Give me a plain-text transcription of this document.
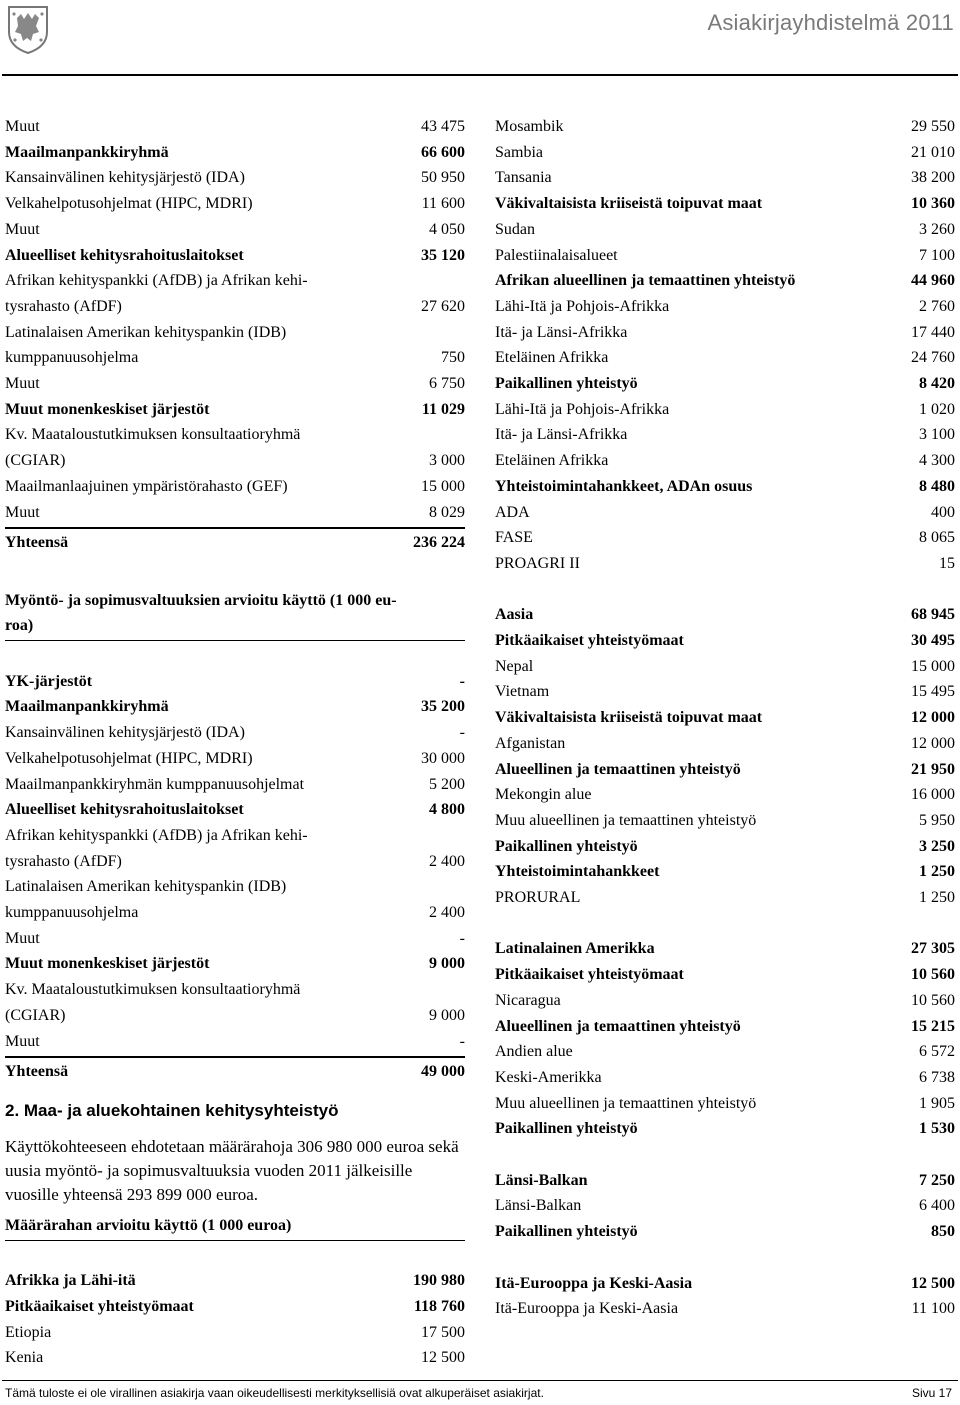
Asiakirjayhdistelmä 2011
Muut	43 475
Maailmanpankkiryhmä	66 600
Kansainvälinen kehitysjärjestö (IDA)	50 950
Velkahelpotusohjelmat (HIPC, MDRI)	11 600
Muut	4 050
Alueelliset kehitysrahoituslaitokset	35 120
Afrikan kehityspankki (AfDB) ja Afrikan kehi-
tysrahasto (AfDF)	27 620
Latinalaisen Amerikan kehityspankin (IDB)
kumppanuusohjelma	750
Muut	6 750
Muut monenkeskiset järjestöt	11 029
Kv. Maataloustutkimuksen konsultaatioryhmä
(CGIAR)	3 000
Maailmanlaajuinen ympäristörahasto (GEF)	15 000
Muut	8 029
Yhteensä	236 224
Myöntö- ja sopimusvaltuuksien arvioitu käyttö (1 000 eu-
roa)
YK-järjestöt	-
Maailmanpankkiryhmä	35 200
Kansainvälinen kehitysjärjestö (IDA)	-
Velkahelpotusohjelmat (HIPC, MDRI)	30 000
Maailmanpankkiryhmän kumppanuusohjelmat	5 200
Alueelliset kehitysrahoituslaitokset	4 800
Afrikan kehityspankki (AfDB) ja Afrikan kehi-
tysrahasto (AfDF)	2 400
Latinalaisen Amerikan kehityspankin (IDB)
kumppanuusohjelma	2 400
Muut	-
Muut monenkeskiset järjestöt	9 000
Kv. Maataloustutkimuksen konsultaatioryhmä
(CGIAR)	9 000
Muut	-
Yhteensä	49 000
2. Maa- ja aluekohtainen kehitysyhteistyö
Käyttökohteeseen ehdotetaan määrärahoja 306 980 000 euroa sekä uusia myöntö- ja sopimusvaltuuksia vuoden 2011 jälkeisille vuosille yhteensä 293 899 000 euroa.
Määrärahan arvioitu käyttö (1 000 euroa)
Afrikka ja Lähi-itä	190 980
Pitkäaikaiset yhteistyömaat	118 760
Etiopia	17 500
Kenia	12 500
Mosambik	29 550
Sambia	21 010
Tansania	38 200
Väkivaltaisista kriiseistä toipuvat maat	10 360
Sudan	3 260
Palestiinalaisalueet	7 100
Afrikan alueellinen ja temaattinen yhteistyö	44 960
Lähi-Itä ja Pohjois-Afrikka	2 760
Itä- ja Länsi-Afrikka	17 440
Eteläinen Afrikka	24 760
Paikallinen yhteistyö	8 420
Lähi-Itä ja Pohjois-Afrikka	1 020
Itä- ja Länsi-Afrikka	3 100
Eteläinen Afrikka	4 300
Yhteistoimintahankkeet, ADAn osuus	8 480
ADA	400
FASE	8 065
PROAGRI II	15
Aasia	68 945
Pitkäaikaiset yhteistyömaat	30 495
Nepal	15 000
Vietnam	15 495
Väkivaltaisista kriiseistä toipuvat maat	12 000
Afganistan	12 000
Alueellinen ja temaattinen yhteistyö	21 950
Mekongin alue	16 000
Muu alueellinen ja temaattinen yhteistyö	5 950
Paikallinen yhteistyö	3 250
Yhteistoimintahankkeet	1 250
PRORURAL	1 250
Latinalainen Amerikka	27 305
Pitkäaikaiset yhteistyömaat	10 560
Nicaragua	10 560
Alueellinen ja temaattinen yhteistyö	15 215
Andien alue	6 572
Keski-Amerikka	6 738
Muu alueellinen ja temaattinen yhteistyö	1 905
Paikallinen yhteistyö	1 530
Länsi-Balkan	7 250
Länsi-Balkan	6 400
Paikallinen yhteistyö	850
Itä-Eurooppa ja Keski-Aasia	12 500
Itä-Eurooppa ja Keski-Aasia	11 100
Tämä tuloste ei ole virallinen asiakirja vaan oikeudellisesti merkityksellisiä ovat alkuperäiset asiakirjat.	Sivu 17
